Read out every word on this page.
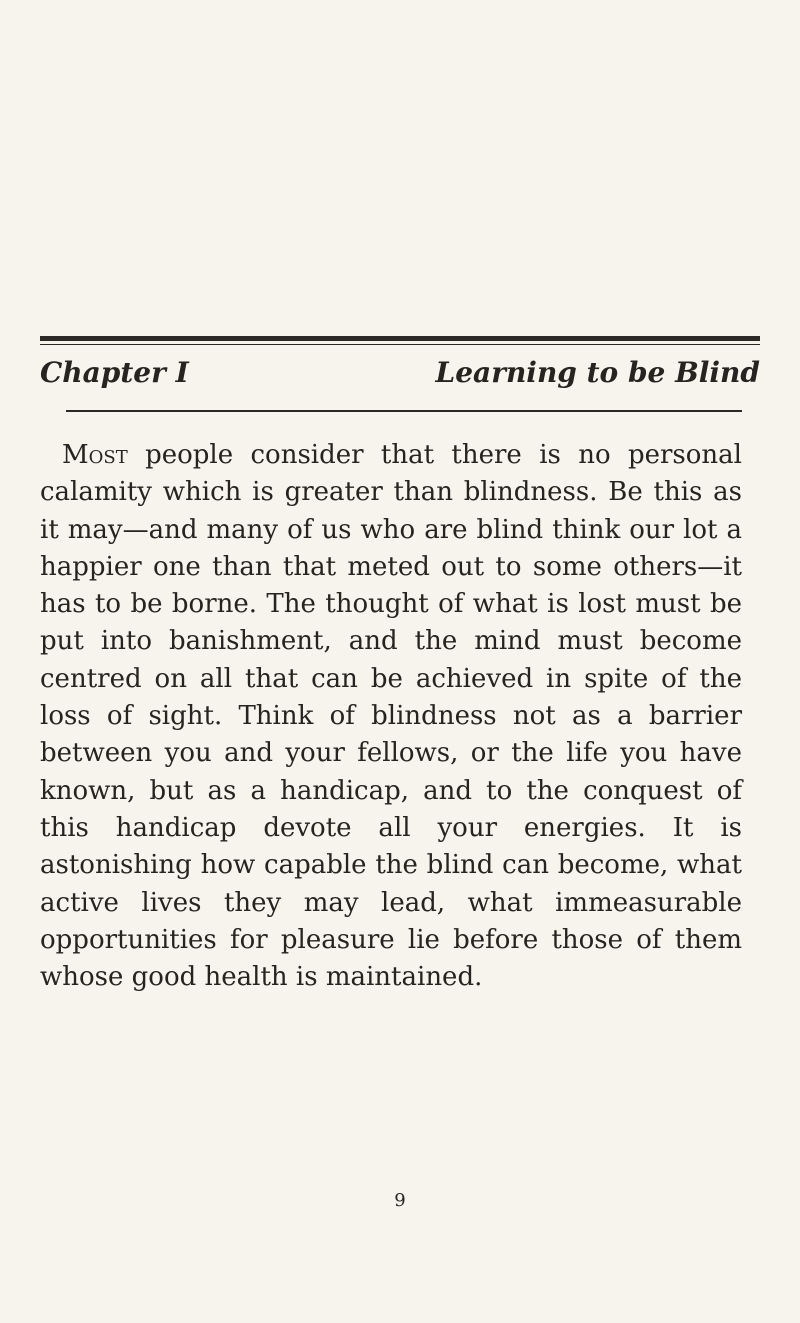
Chapter I	Learning to be Blind

Most people consider that there is no personal calamity which is greater than blindness. Be this as it may—and many of us who are blind think our lot a happier one than that meted out to some others—it has to be borne. The thought of what is lost must be put into banishment, and the mind must become centred on all that can be achieved in spite of the loss of sight. Think of blindness not as a barrier between you and your fellows, or the life you have known, but as a handicap, and to the conquest of this handicap devote all your energies. It is astonishing how capable the blind can become, what active lives they may lead, what immeasurable opportunities for pleasure lie before those of them whose good health is maintained.

9
